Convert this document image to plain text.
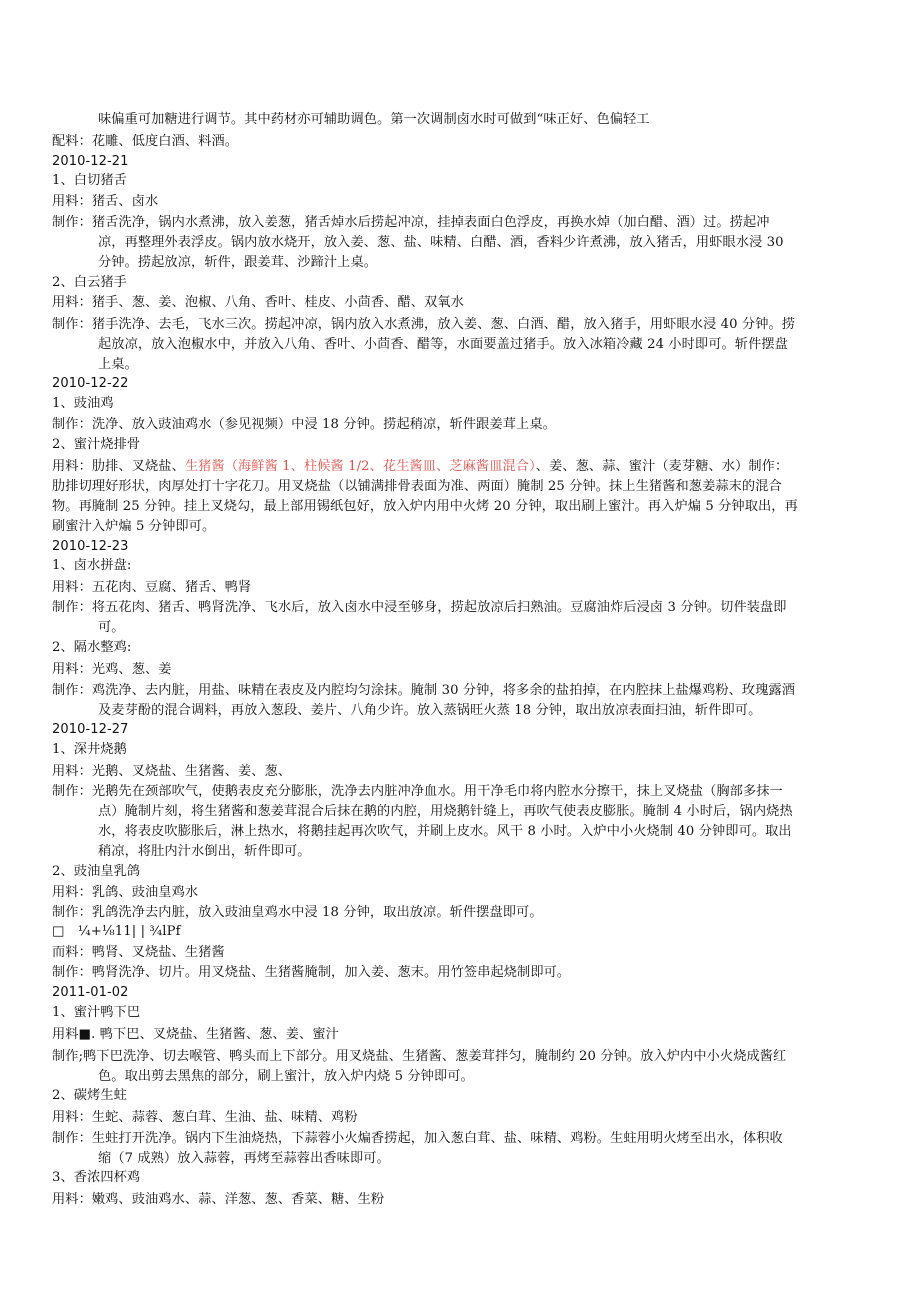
味偏重可加糖进行调节。其中药材亦可辅助调色。第一次调制卤水时可做到“味正好、色偏轻工
配料：花雕、低度白酒、料酒。
2010-12-21
1、白切猪舌
用料：猪舌、卤水
制作：猪舌洗净，锅内水煮沸，放入姜葱，猪舌焯水后捞起冲凉，挂掉表面白色浮皮，再换水焯（加白醋、酒）过。捞起冲
凉，再整理外表浮皮。锅内放水烧开，放入姜、葱、盐、味精、白醋、酒，香料少许煮沸，放入猪舌，用虾眼水浸 30
分钟。捞起放凉，斩件，跟姜茸、沙蹄汁上桌。
2、白云猪手
用料：猪手、葱、姜、泡椒、八角、香叶、桂皮、小茴香、醋、双氧水
制作：猪手洗净、去毛，飞水三次。捞起冲凉，锅内放入水煮沸，放入姜、葱、白酒、醋，放入猪手，用虾眼水浸 40 分钟。捞
起放凉，放入泡椒水中，并放入八角、香叶、小茴香、醋等，水面要盖过猪手。放入冰箱冷藏 24 小时即可。斩件摆盘
上桌。
2010-12-22
1、豉油鸡
制作：洗净、放入豉油鸡水（参见视频）中浸 18 分钟。捞起稍凉，斩件跟姜茸上桌。
2、蜜汁烧排骨
用料：肋排、叉烧盐、生猪酱（海鲜酱 1、柱候酱 1/2、花生酱皿、芝麻酱皿混合）、姜、葱、蒜、蜜汁（麦芽糖、水）制作：
肋排切理好形状，肉厚处打十字花刀。用叉烧盐（以铺满排骨表面为准、两面）腌制 25 分钟。抹上生猪酱和葱姜蒜末的混合
物。再腌制 25 分钟。挂上叉烧勾，最上部用锡纸包好，放入炉内用中火烤 20 分钟，取出刷上蜜汁。再入炉煸 5 分钟取出，再
刷蜜汁入炉煸 5 分钟即可。
2010-12-23
1、卤水拼盘:
用料：五花肉、豆腐、猪舌、鸭肾
制作：将五花肉、猪舌、鸭肾洗净、飞水后，放入卤水中浸至够身，捞起放凉后扫熟油。豆腐油炸后浸卤 3 分钟。切件装盘即
可。
2、隔水整鸡:
用料：光鸡、葱、姜
制作：鸡洗净、去内脏，用盐、味精在表皮及内腔均匀涂抹。腌制 30 分钟，将多余的盐拍掉，在内腔抹上盐爆鸡粉、玫瑰露酒
及麦芽酚的混合调料，再放入葱段、姜片、八角少许。放入蒸锅旺火蒸 18 分钟，取出放凉表面扫油，斩件即可。
2010-12-27
1、深井烧鹅
用料：光鹅、叉烧盐、生猪酱、姜、葱、
制作：光鹅先在颈部吹气，使鹅表皮充分膨胀，洗净去内脏冲净血水。用干净毛巾将内腔水分擦干，抹上叉烧盐（胸部多抹一
点）腌制片刻，将生猪酱和葱姜茸混合后抹在鹅的内腔，用烧鹅针缝上，再吹气使表皮膨胀。腌制 4 小时后，锅内烧热
水，将表皮吹膨胀后，淋上热水，将鹅挂起再次吹气，并刷上皮水。风干 8 小时。入炉中小火烧制 40 分钟即可。取出
稍凉，将肚内汁水倒出，斩件即可。
2、豉油皇乳鸽
用料：乳鸽、豉油皇鸡水
制作：乳鸽洗净去内脏，放入豉油皇鸡水中浸 18 分钟，取出放凉。斩件摆盘即可。
□　¼+⅛11| | ¾lPf
而料：鸭肾、叉烧盐、生猪酱
制作：鸭肾洗净、切片。用叉烧盐、生猪酱腌制，加入姜、葱末。用竹签串起烧制即可。
2011-01-02
1、蜜汁鸭下巴
用料■. 鸭下巴、叉烧盐、生猪酱、葱、姜、蜜汁
制作;鸭下巴洗净、切去喉管、鸭头而上下部分。用叉烧盐、生猪酱、葱姜茸拌匀，腌制约 20 分钟。放入炉内中小火烧成酱红
色。取出剪去黑焦的部分，刷上蜜汁，放入炉内烧 5 分钟即可。
2、碳烤生蛀
用料：生蛇、蒜蓉、葱白茸、生油、盐、味精、鸡粉
制作：生蛀打开洗净。锅内下生油烧热，下蒜蓉小火煸香捞起，加入葱白茸、盐、味精、鸡粉。生蛀用明火烤至出水，体积收
缩（7 成熟）放入蒜蓉，再烤至蒜蓉出香味即可。
3、香浓四杯鸡
用料：嫩鸡、豉油鸡水、蒜、洋葱、葱、香菜、糖、生粉
